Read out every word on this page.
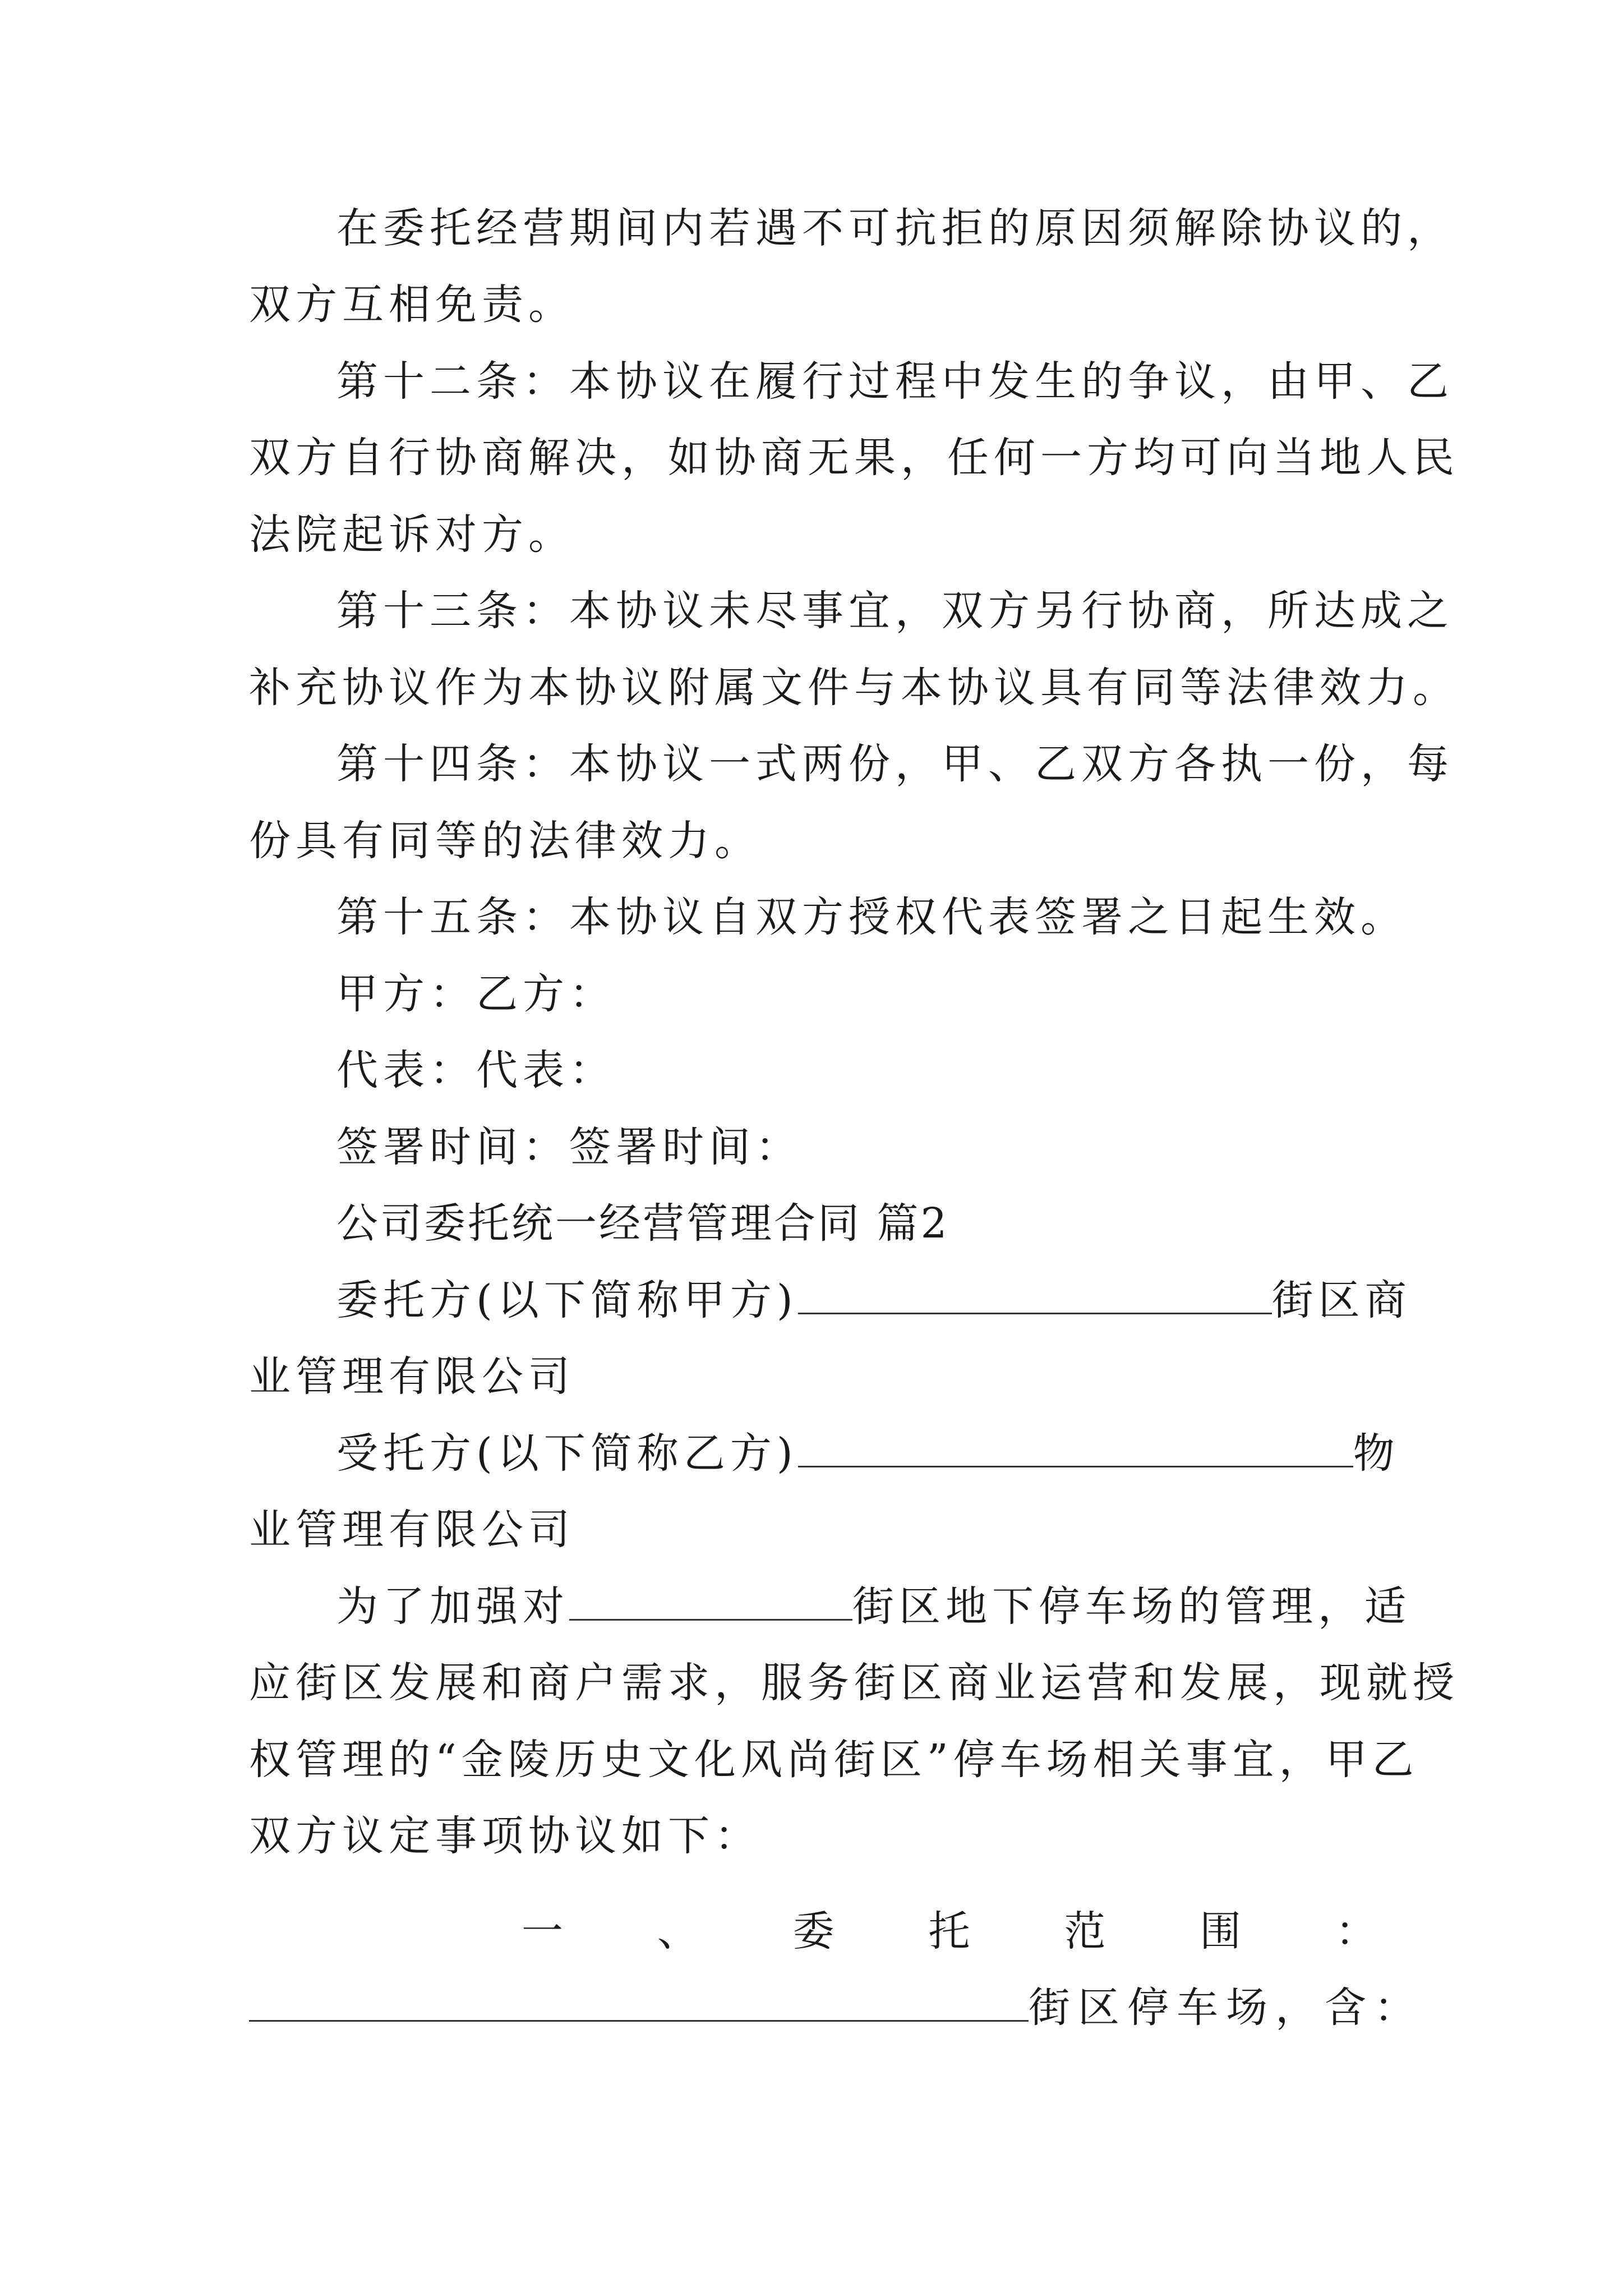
在委托经营期间内若遇不可抗拒的原因须解除协议的，
双方互相免责。
第十二条：本协议在履行过程中发生的争议，由甲、乙
双方自行协商解决，如协商无果，任何一方均可向当地人民
法院起诉对方。
第十三条：本协议未尽事宜，双方另行协商，所达成之
补充协议作为本协议附属文件与本协议具有同等法律效力。
第十四条：本协议一式两份，甲、乙双方各执一份，每
份具有同等的法律效力。
第十五条：本协议自双方授权代表签署之日起生效。
甲方：乙方：
代表：代表：
签署时间：签署时间：
公司委托统一经营管理合同 篇2
委托方(以下简称甲方)	街区商
业管理有限公司
受托方(以下简称乙方)	物
业管理有限公司
为了加强对	街区地下停车场的管理，适
应街区发展和商户需求，服务街区商业运营和发展，现就授
权管理的“金陵历史文化风尚街区”停车场相关事宜，甲乙
双方议定事项协议如下：
一 、 委 托 范 围 ：
街区停车场，含：
